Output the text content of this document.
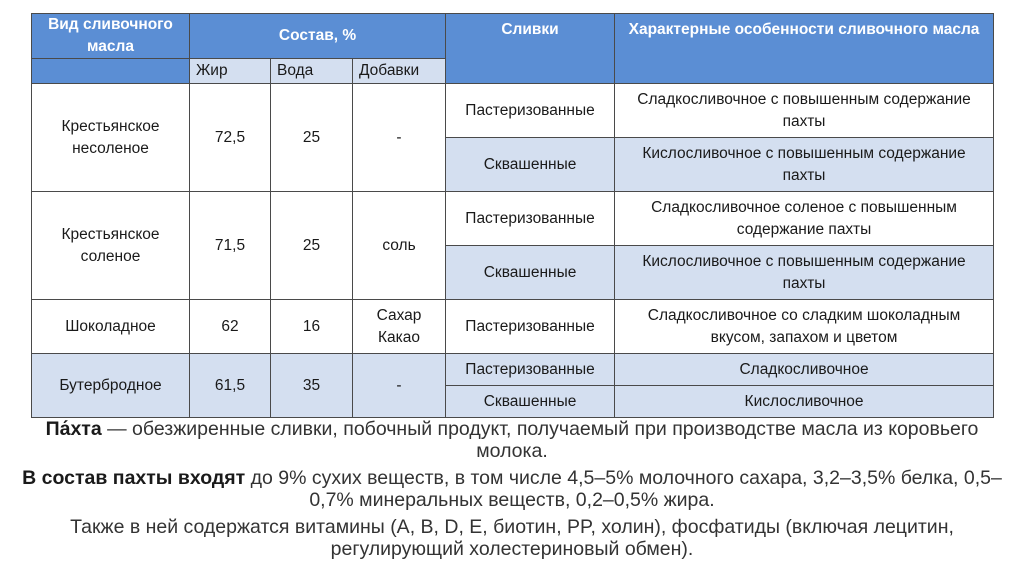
Вид сливочного масла	Состав, %			Сливки	Характерные особенности сливочного масла
	Жир	Вода	Добавки		
Крестьянское несоленое	72,5	25	-	Пастеризованные	Сладкосливочное с повышенным содержание пахты
				Сквашенные	Кислосливочное с повышенным содержание пахты
Крестьянское соленое	71,5	25	соль	Пастеризованные	Сладкосливочное соленое с повышенным содержание пахты
				Сквашенные	Кислосливочное с повышенным содержание пахты
Шоколадное	62	16	Сахар Какао	Пастеризованные	Сладкосливочное со сладким шоколадным вкусом, запахом и цветом
Бутербродное	61,5	35	-	Пастеризованные	Сладкосливочное
				Сквашенные	Кислосливочное

Па́хта — обезжиренные сливки, побочный продукт, получаемый при производстве масла из коровьего молока.

В состав пахты входят до 9% сухих веществ, в том числе 4,5–5% молочного сахара, 3,2–3,5% белка, 0,5–0,7% минеральных веществ, 0,2–0,5% жира.

Также в ней содержатся витамины (A, B, D, E, биотин, PP, холин), фосфатиды (включая лецитин, регулирующий холестериновый обмен).
